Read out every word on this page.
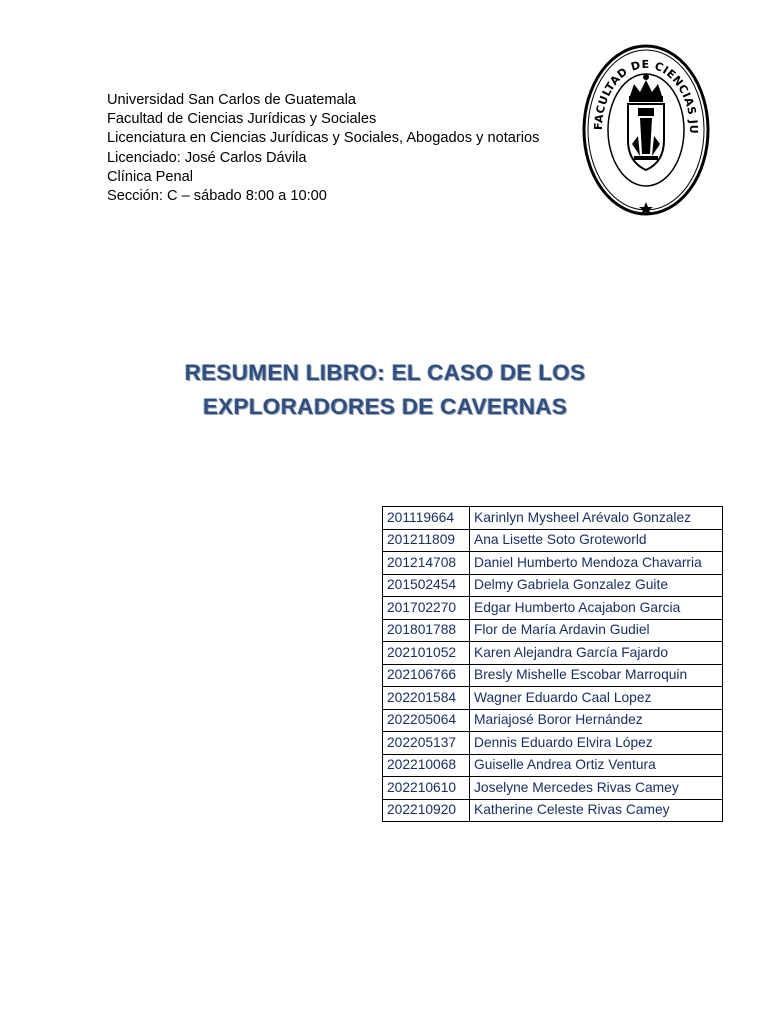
Universidad San Carlos de Guatemala
Facultad de Ciencias Jurídicas y Sociales
Licenciatura en Ciencias Jurídicas y Sociales, Abogados y notarios
Licenciado: José Carlos Dávila
Clínica Penal
Sección: C – sábado 8:00 a 10:00
FACULTAD DE CIENCIAS JU
RESUMEN LIBRO: EL CASO DE LOS
EXPLORADORES DE CAVERNAS
201119664	Karinlyn Mysheel Arévalo Gonzalez
201211809	Ana Lisette Soto Groteworld
201214708	Daniel Humberto Mendoza Chavarria
201502454	Delmy Gabriela Gonzalez Guite
201702270	Edgar Humberto Acajabon Garcia
201801788	Flor de María Ardavin Gudiel
202101052	Karen Alejandra García Fajardo
202106766	Bresly Mishelle Escobar Marroquin
202201584	Wagner Eduardo Caal Lopez
202205064	Mariajosé Boror Hernández
202205137	Dennis Eduardo Elvira López
202210068	Guiselle Andrea Ortiz Ventura
202210610	Joselyne Mercedes Rivas Camey
202210920	Katherine Celeste Rivas Camey
